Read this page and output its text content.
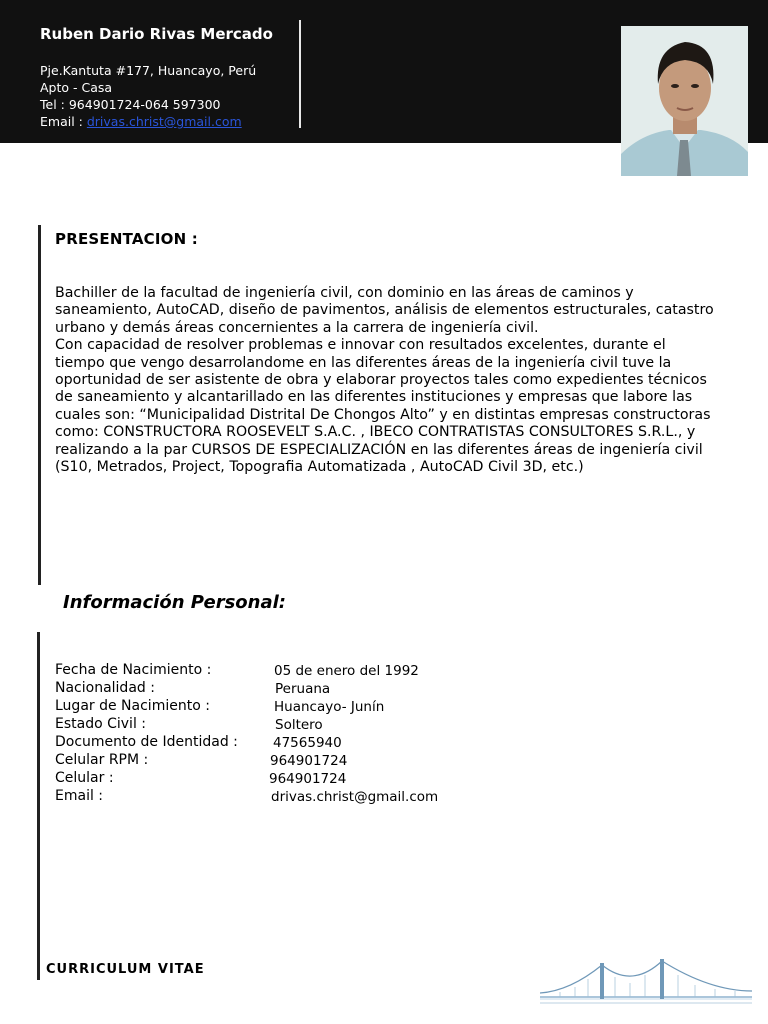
Ruben Dario Rivas Mercado
Pje.Kantuta #177, Huancayo, Perú
Apto - Casa
Tel : 964901724-064 597300
Email : drivas.christ@gmail.com
PRESENTACION :

Bachiller de la facultad de ingeniería civil, con dominio en las áreas de caminos y saneamiento, AutoCAD, diseño de pavimentos, análisis de elementos estructurales, catastro urbano y demás áreas concernientes a la carrera de ingeniería civil.

Con capacidad de resolver problemas e innovar con resultados excelentes, durante el tiempo que vengo desarrolandome en las diferentes áreas de la ingeniería civil tuve la oportunidad de ser asistente de obra y elaborar proyectos tales como expedientes técnicos de saneamiento y alcantarillado en las diferentes instituciones y empresas que labore las cuales son: “Municipalidad Distrital De Chongos Alto” y en distintas empresas constructoras como: CONSTRUCTORA ROOSEVELT S.A.C. , IBECO CONTRATISTAS CONSULTORES S.R.L., y realizando a la par CURSOS DE ESPECIALIZACIÓN en las diferentes áreas de ingeniería civil

(S10, Metrados, Project, Topografia Automatizada , AutoCAD Civil 3D, etc.)

Información Personal:
Fecha de Nacimiento :	05 de enero del 1992
Nacionalidad :	Peruana
Lugar de Nacimiento :	Huancayo- Junín
Estado Civil :	Soltero
Documento de Identidad :	47565940
Celular RPM :	964901724
Celular :	964901724
Email :	drivas.christ@gmail.com
CURRICULUM VITAE
